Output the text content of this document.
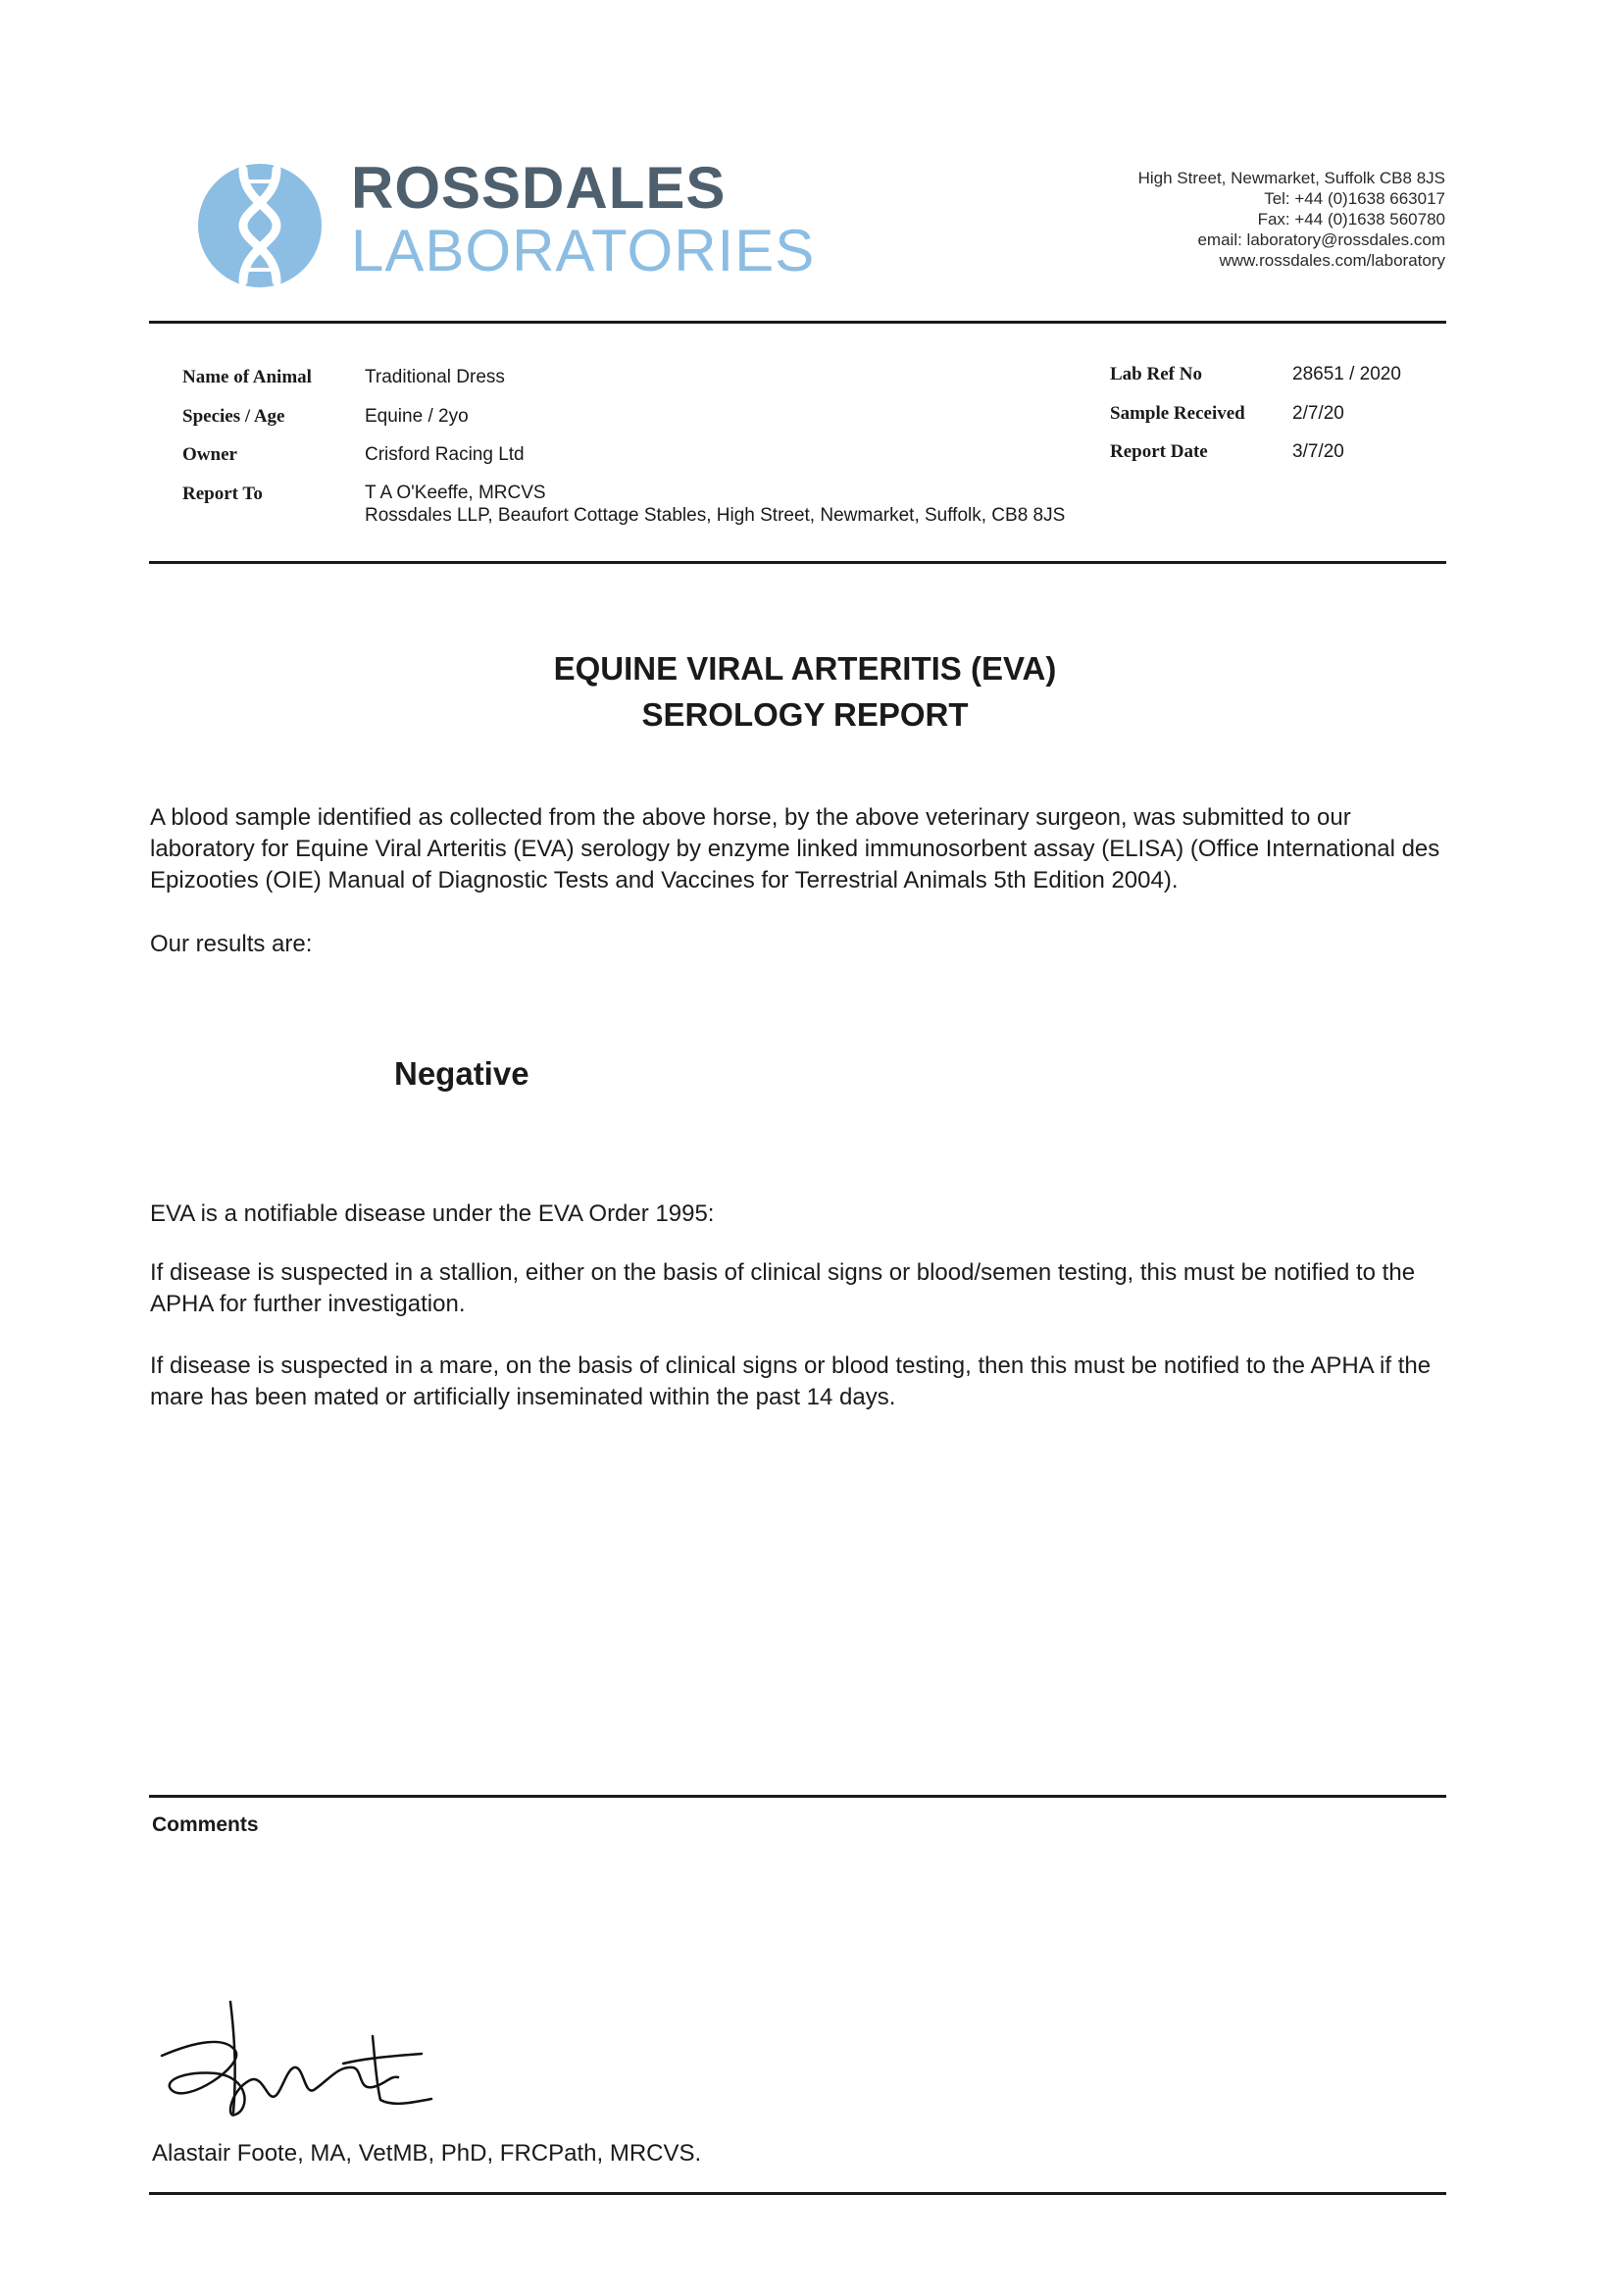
ROSSDALES
LABORATORIES
High Street, Newmarket, Suffolk CB8 8JS
Tel: +44 (0)1638 663017
Fax: +44 (0)1638 560780
email: laboratory@rossdales.com
www.rossdales.com/laboratory
Name of Animal	Traditional Dress
Species / Age	Equine / 2yo
Owner	Crisford Racing Ltd
Report To	T A O'Keeffe, MRCVS
Rossdales LLP, Beaufort Cottage Stables, High Street, Newmarket, Suffolk, CB8 8JS
Lab Ref No	28651 / 2020
Sample Received	2/7/20
Report Date	3/7/20
EQUINE VIRAL ARTERITIS (EVA)
SEROLOGY REPORT

A blood sample identified as collected from the above horse, by the above veterinary surgeon, was submitted to our laboratory for Equine Viral Arteritis (EVA) serology by enzyme linked immunosorbent assay (ELISA) (Office International des Epizooties (OIE) Manual of Diagnostic Tests and Vaccines for Terrestrial Animals 5th Edition 2004).

Our results are:

Negative

EVA is a notifiable disease under the EVA Order 1995:

If disease is suspected in a stallion, either on the basis of clinical signs or blood/semen testing, this must be notified to the APHA for further investigation.

If disease is suspected in a mare, on the basis of clinical signs or blood testing, then this must be notified to the APHA if the mare has been mated or artificially inseminated within the past 14 days.

Comments
Alastair Foote, MA, VetMB, PhD, FRCPath, MRCVS.
